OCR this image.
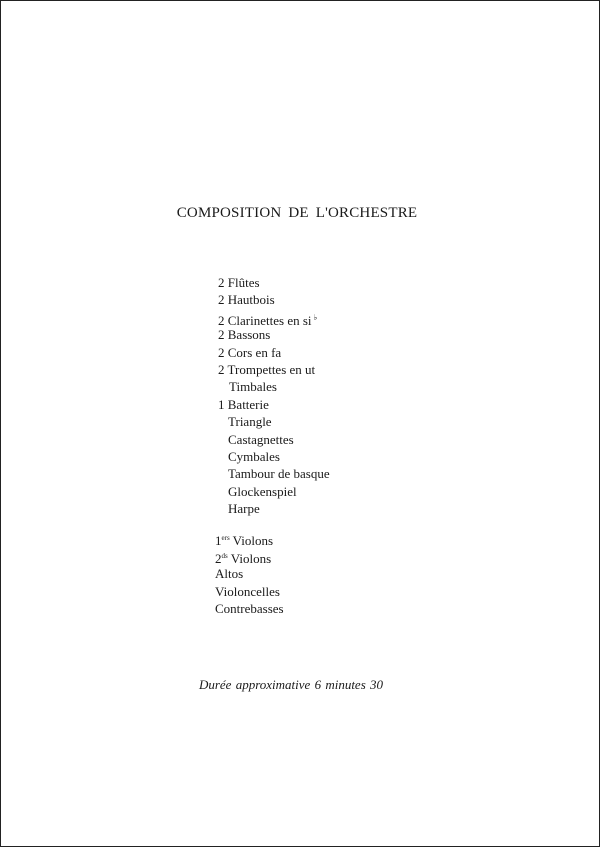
COMPOSITION DE L'ORCHESTRE
2 Flûtes
2 Hautbois
2 Clarinettes en si ♭
2 Bassons
2 Cors en fa
2 Trompettes en ut
Timbales
1 Batterie
Triangle
Castagnettes
Cymbales
Tambour de basque
Glockenspiel
Harpe
1ers Violons
$2^{ds}$ Violons
Altos
Violoncelles
Contrebasses
Durée approximative 6 minutes 30
